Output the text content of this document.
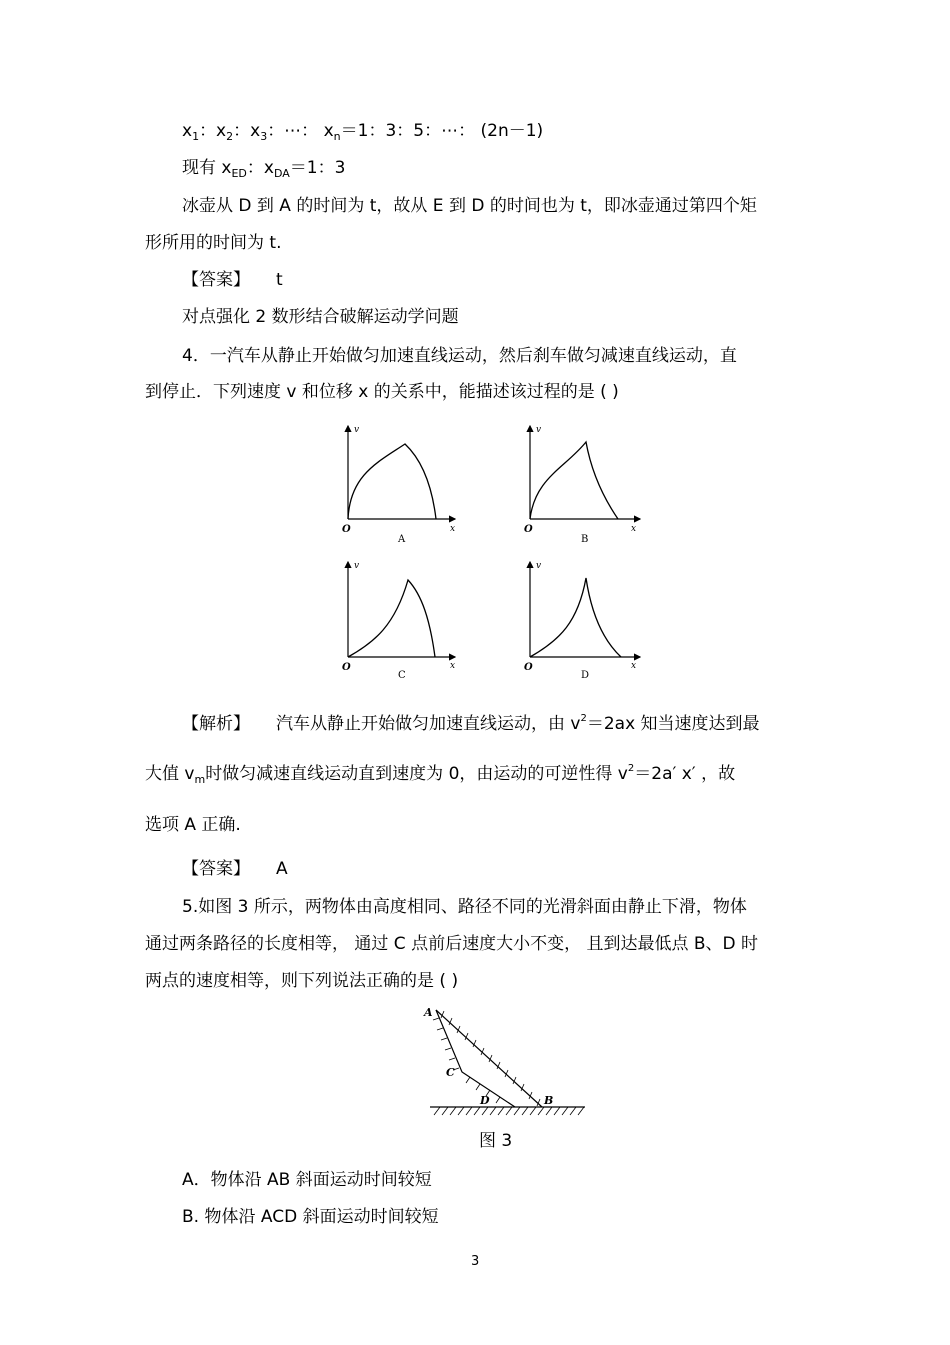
$x_1$：$x_2$：$x_3$：⋯： $x_n=1$：3：5：⋯： (2n－1)
现有 $x_{ED}$：$x_{DA}=1$：3
冰壶从 D 到 A 的时间为 t，故从 E 到 D 的时间也为 t，即冰壶通过第四个矩
形所用的时间为 t.
【答案】 t
对点强化 2 数形结合破解运动学问题
4．一汽车从静止开始做匀加速直线运动，然后刹车做匀减速直线运动，直
到停止．下列速度 v 和位移 x 的关系中，能描述该过程的是 ( )
v
O	x
A
v
O	x
B
v
O	x
C
v
O	x
D
【解析】 汽车从静止开始做匀加速直线运动，由 $v^2=2ax$ 知当速度达到最
大值 $v_m$时做匀减速直线运动直到速度为 0，由运动的可逆性得 $v^2=2a'$ x′ ，故
选项 A 正确.
【答案】 A
5.如图 3 所示，两物体由高度相同、路径不同的光滑斜面由静止下滑，物体
通过两条路径的长度相等， 通过 C 点前后速度大小不变， 且到达最低点 B、D 时
两点的速度相等，则下列说法正确的是 ( )
A
B
C
D
图 3
A．物体沿 AB 斜面运动时间较短
B. 物体沿 ACD 斜面运动时间较短
3
